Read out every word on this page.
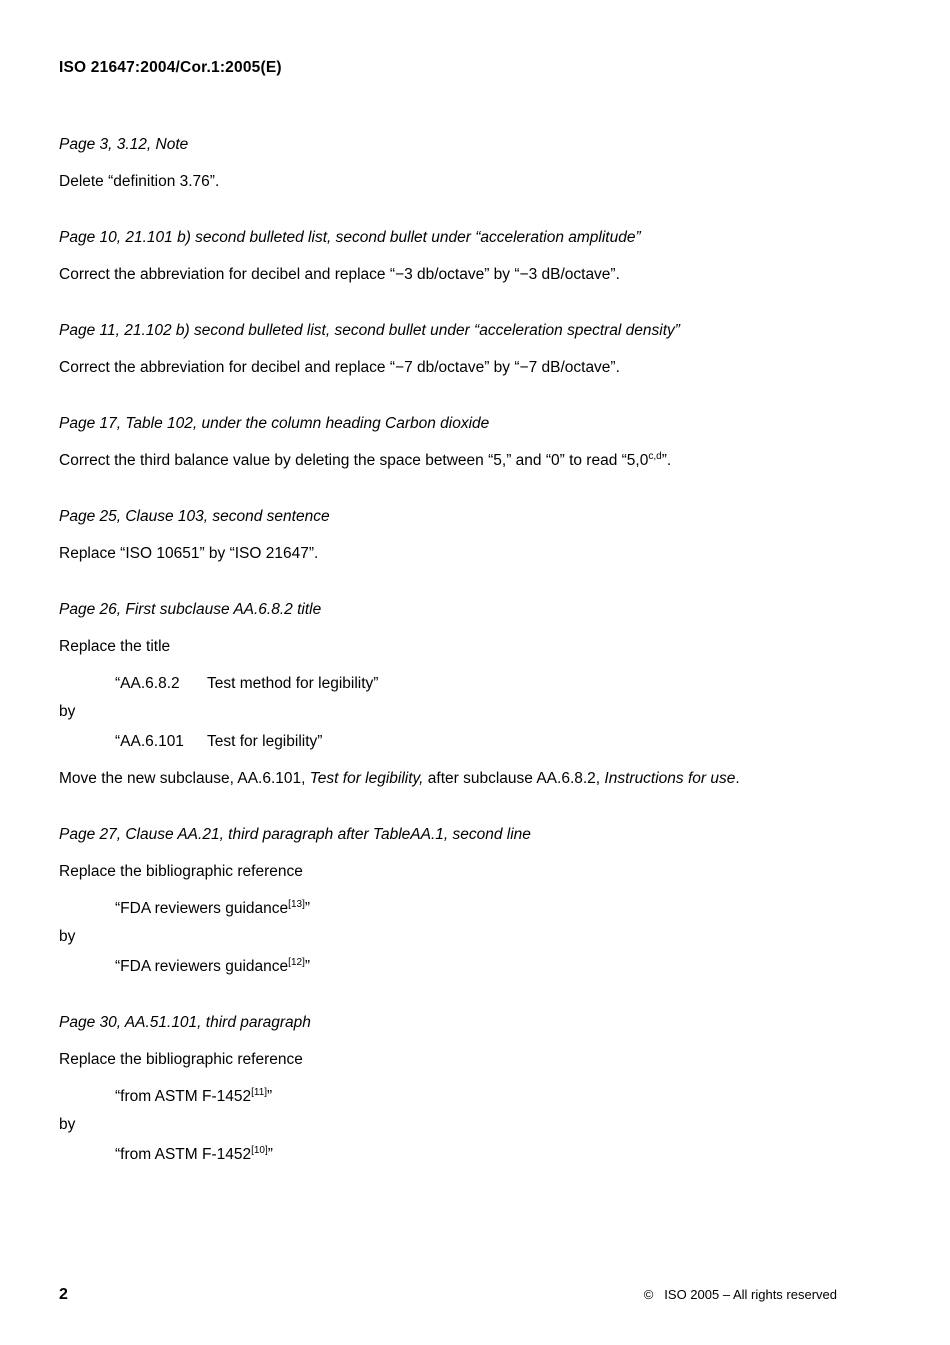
ISO 21647:2004/Cor.1:2005(E)
Page 3, 3.12, Note
Delete “definition 3.76”.
Page 10, 21.101 b) second bulleted list, second bullet under “acceleration amplitude”
Correct the abbreviation for decibel and replace “−3 db/octave” by “−3 dB/octave”.
Page 11, 21.102 b) second bulleted list, second bullet under “acceleration spectral density”
Correct the abbreviation for decibel and replace “−7 db/octave” by “−7 dB/octave”.
Page 17, Table 102, under the column heading Carbon dioxide
Correct the third balance value by deleting the space between “5,” and “0” to read “5,0$^{c,d}$”.
Page 25, Clause 103, second sentence
Replace “ISO 10651” by “ISO 21647”.
Page 26, First subclause AA.6.8.2 title
Replace the title
“AA.6.8.2 Test method for legibility”
by
“AA.6.101 Test for legibility”
Move the new subclause, AA.6.101, Test for legibility, after subclause AA.6.8.2, Instructions for use.
Page 27, Clause AA.21, third paragraph after TableAA.1, second line
Replace the bibliographic reference
“FDA reviewers guidance[13]”
by
“FDA reviewers guidance[12]”
Page 30, AA.51.101, third paragraph
Replace the bibliographic reference
“from ASTM F-1452[11]”
by
“from ASTM F-1452[10]”
2	© ISO 2005 – All rights reserved
